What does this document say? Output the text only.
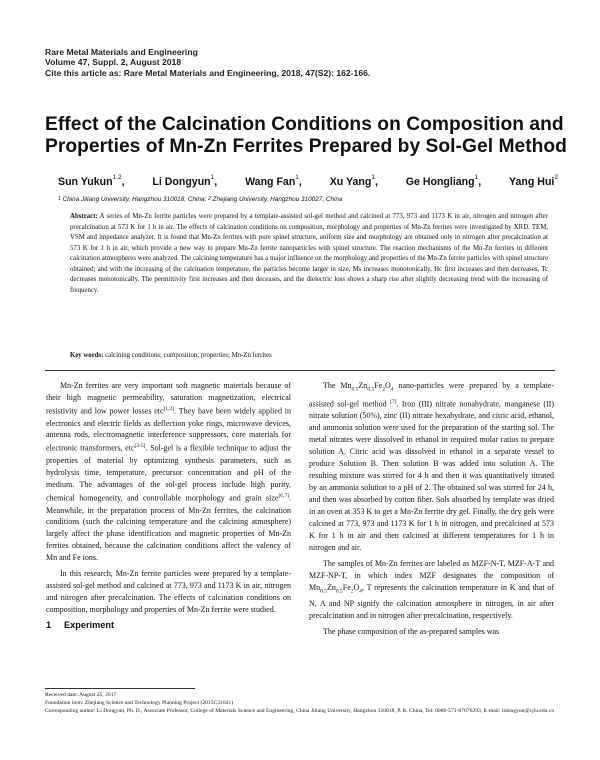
Rare Metal Materials and Engineering
Volume 47, Suppl. 2, August 2018
Cite this article as: Rare Metal Materials and Engineering, 2018, 47(S2): 162-166.
Effect of the Calcination Conditions on Composition and
Properties of Mn-Zn Ferrites Prepared by Sol-Gel Method
Sun Yukun$^{1,2}$,	Li Dongyun$^1$,	Wang Fan$^1$,	Xu Yang$^1$,	Ge Hongliang$^1$,	Yang Hui$^2$
$^1$ China Jiliang University, Hangzhou 310018, China; $^2$ Zhejiang University, Hangzhou 310027, China
Abstract: A series of Mn-Zn ferrite particles were prepared by a template-assisted sol-gel method and calcined at 773, 973 and 1173 K in air, nitrogen and nitrogen after precalcination at 573 K for 1 h in air. The effects of calcination conditions on composition, morphology and properties of Mn-Zn ferrites were investigated by XRD, TEM, VSM and impedance analyzer. It is found that Mn-Zn ferrites with pure spinel structure, uniform size and morphology are obtained only in nitrogen after precalcination at 573 K for 1 h in air, which provide a new way to prepare Mn-Zn ferrite nanoparticles with spinel structure. The reaction mechanisms of the Mn-Zn ferrites in different calcination atmospheres were analyzed. The calcining temperature has a major influence on the morphology and properties of the Mn-Zn ferrite particles with spinel structure obtained; and with the increasing of the calcination temperature, the particles become larger in size, Ms increases monotonically, Hc first increases and then decreases, Tc decreases monotonically. The permittivity first increases and then deceases, and the dielectric loss shows a sharp rise after slightly decreasing trend with the increasing of frequency.
Key words: calcining conditions; composition; properties; Mn-Zn ferrites

Mn-Zn ferrites are very important soft magnetic materials because of their high magnetic permeability, saturation magnetization, electrical resistivity and low power losses etc[1,2]. They have been widely applied in electronics and electric fields as deflection yoke rings, microwave devices, antenna rods, electromagnetic interference suppressors, core materials for electronic transformers, etc[3-5]. Sol-gel is a flexible technique to adjust the properties of material by optimizing synthesis parameters, such as hydrolysis time, temperature, precursor concentration and pH of the medium. The advantages of the sol-gel process include high purity, chemical homogeneity, and controllable morphology and grain size[6,7]. Meanwhile, in the preparation process of Mn-Zn ferrites, the calcination conditions (such the calcining temperature and the calcining atmosphere) largely affect the phase identification and magnetic properties of Mn-Zn ferrites obtained, because the calcination conditions affect the valency of Mn and Fe ions.

In this research, Mn-Zn ferrite particles were prepared by a template-assisted sol-gel method and calcined at 773, 973 and 1173 K in air, nitrogen and nitrogen after precalcination. The effects of calcination conditions on composition, morphology and properties of Mn-Zn ferrite were studied.

1 Experiment

The $Mn_{0.5}Zn_{0.5}Fe_2O_4$ nano-particles were prepared by a template-assisted sol-gel method [7]. Iron (III) nitrate nonahydrate, manganese (II) nitrate solution (50%), zinc (II) nitrate hexahydrate, and citric acid, ethanol, and ammonia solution were used for the preparation of the starting sol. The metal nitrates were dissolved in ethanol in required molar ratios to prepare solution A. Citric acid was dissolved in ethanol in a separate vessel to produce Solution B. Then solution B was added into solution A. The resulting mixture was stirred for 4 h and then it was quantitatively titrated by an ammonia solution to a pH of 2. The obtained sol was stirred for 24 h, and then was absorbed by cotton fiber. Sols absorbed by template was dried in an oven at 353 K to get a Mn-Zn ferrite dry gel. Finally, the dry gels were calcined at 773, 973 and 1173 K for 1 h in nitrogen, and precalcined at 573 K for 1 h in air and then calcined at different temperatures for 1 h in nitrogen and air.

The samples of Mn-Zn ferrites are labeled as MZF-N-T, MZF-A-T and MZF-NP-T, in which index MZF designates the composition of $Mn_{0.5}Zn_{0.5}Fe_2O_4$, T represents the calcination temperature in K and that of N, A and NP signify the calcination atmosphere in nitrogen, in air after precalcination and in nitrogen after precalcination, respectively.

The phase composition of the as-prepared samples was

Received date: August 25, 2017
Foundation item: Zhejiang Science and Technology Planning Project (2015C31041)
Corresponding author: Li Dongyun, Ph. D., Associate Professor, College of Materials Science and Engineering, China Jiliang University, Hangzhou 310018, P. R. China, Tel: 0086-571-87676293, E-mail: lidongyun@cjlu.edu.cn
